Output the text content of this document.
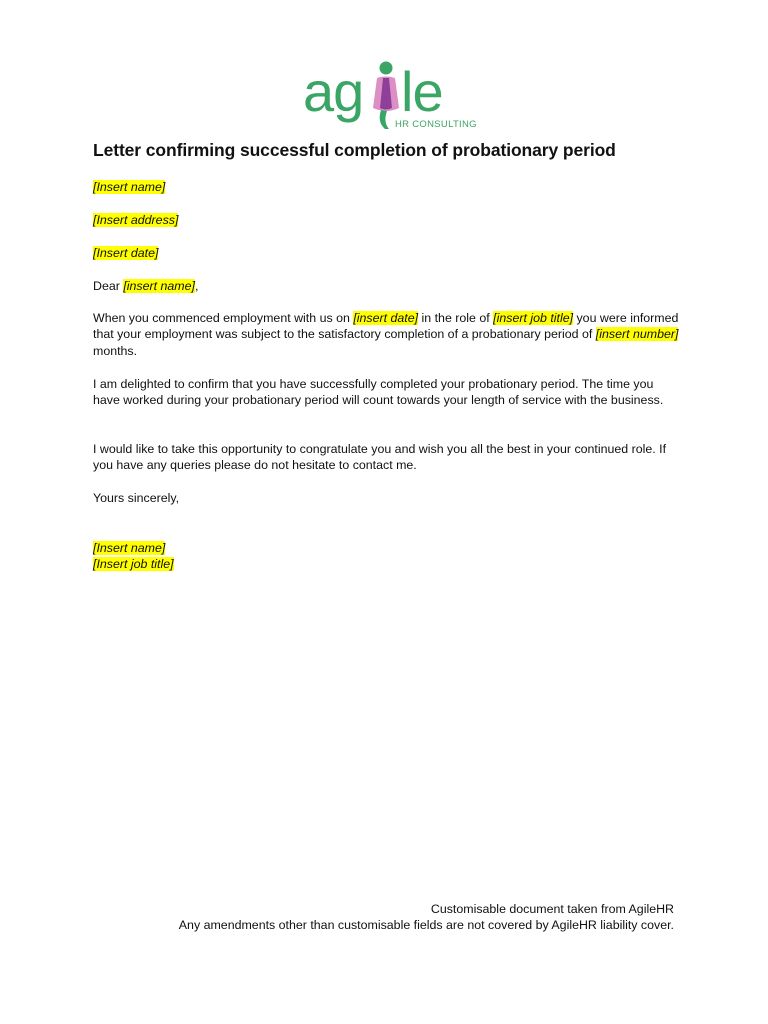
ag le
HR CONSULTING
Letter confirming successful completion of probationary period
[Insert name]
[Insert address]
[Insert date]
Dear [insert name],
When you commenced employment with us on [insert date] in the role of [insert job title] you were informed that your employment was subject to the satisfactory completion of a probationary period of [insert number] months.
I am delighted to confirm that you have successfully completed your probationary period. The time you have worked during your probationary period will count towards your length of service with the business.
I would like to take this opportunity to congratulate you and wish you all the best in your continued role. If you have any queries please do not hesitate to contact me.
Yours sincerely,
[Insert name]
[Insert job title]
Customisable document taken from AgileHR
Any amendments other than customisable fields are not covered by AgileHR liability cover.
